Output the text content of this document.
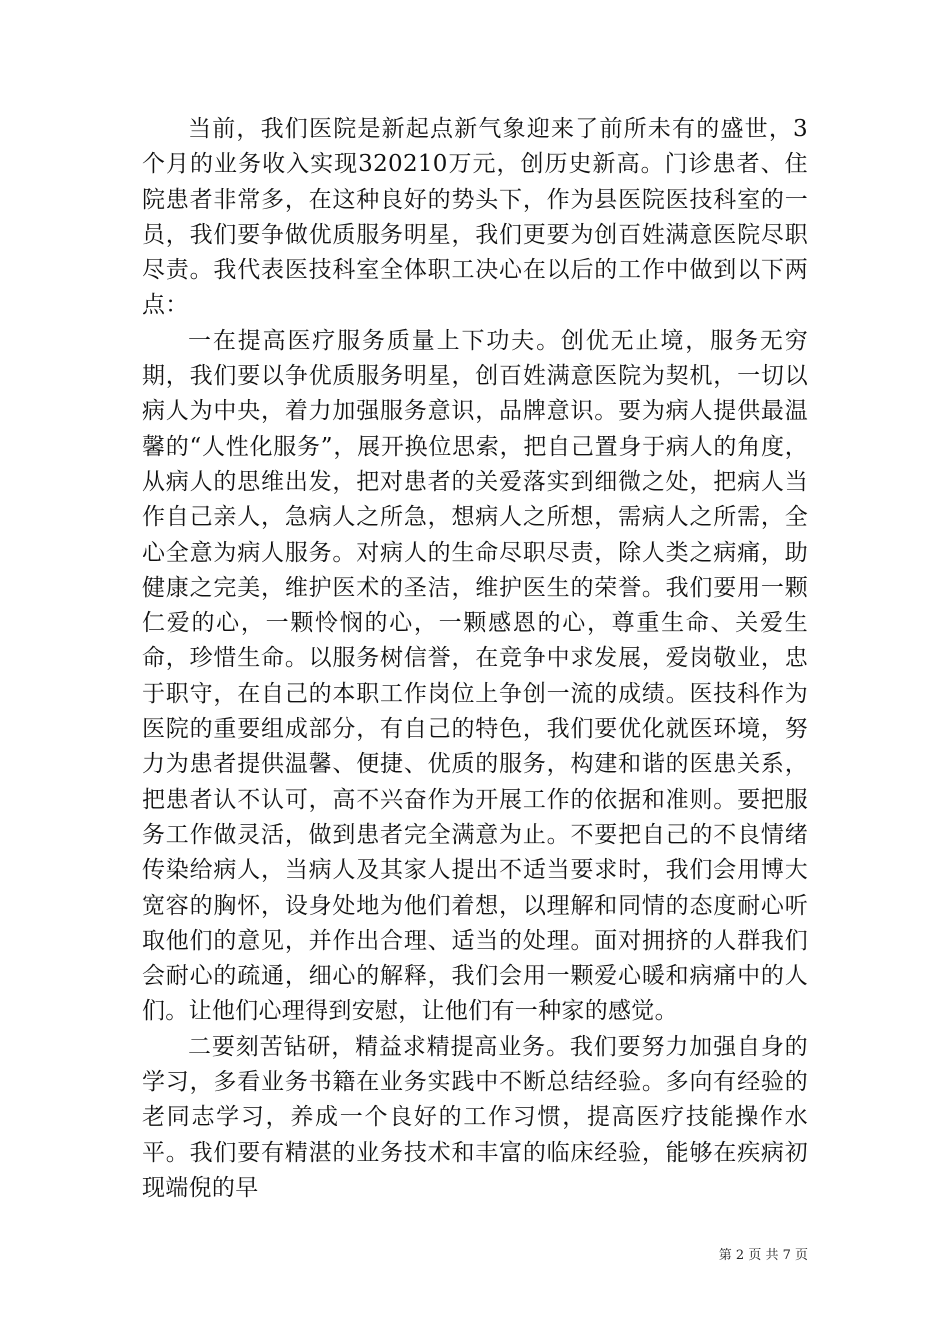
当前，我们医院是新起点新气象迎来了前所未有的盛世，3个月的业务收入实现320210万元，创历史新高。门诊患者、住院患者非常多，在这种良好的势头下，作为县医院医技科室的一员，我们要争做优质服务明星，我们更要为创百姓满意医院尽职尽责。我代表医技科室全体职工决心在以后的工作中做到以下两点：

一在提高医疗服务质量上下功夫。创优无止境，服务无穷期，我们要以争优质服务明星，创百姓满意医院为契机，一切以病人为中央，着力加强服务意识，品牌意识。要为病人提供最温馨的“人性化服务”，展开换位思索，把自己置身于病人的角度，从病人的思维出发，把对患者的关爱落实到细微之处，把病人当作自己亲人，急病人之所急，想病人之所想，需病人之所需，全心全意为病人服务。对病人的生命尽职尽责，除人类之病痛，助健康之完美，维护医术的圣洁，维护医生的荣誉。我们要用一颗仁爱的心，一颗怜悯的心，一颗感恩的心，尊重生命、关爱生命，珍惜生命。以服务树信誉，在竞争中求发展，爱岗敬业，忠于职守，在自己的本职工作岗位上争创一流的成绩。医技科作为医院的重要组成部分，有自己的特色，我们要优化就医环境，努力为患者提供温馨、便捷、优质的服务，构建和谐的医患关系，把患者认不认可，高不兴奋作为开展工作的依据和准则。要把服务工作做灵活，做到患者完全满意为止。不要把自己的不良情绪传染给病人，当病人及其家人提出不适当要求时，我们会用博大宽容的胸怀，设身处地为他们着想，以理解和同情的态度耐心听取他们的意见，并作出合理、适当的处理。面对拥挤的人群我们会耐心的疏通，细心的解释，我们会用一颗爱心暖和病痛中的人们。让他们心理得到安慰，让他们有一种家的感觉。

二要刻苦钻研，精益求精提高业务。我们要努力加强自身的学习，多看业务书籍在业务实践中不断总结经验。多向有经验的老同志学习，养成一个良好的工作习惯，提高医疗技能操作水平。我们要有精湛的业务技术和丰富的临床经验，能够在疾病初现端倪的早

第 2 页 共 7 页
